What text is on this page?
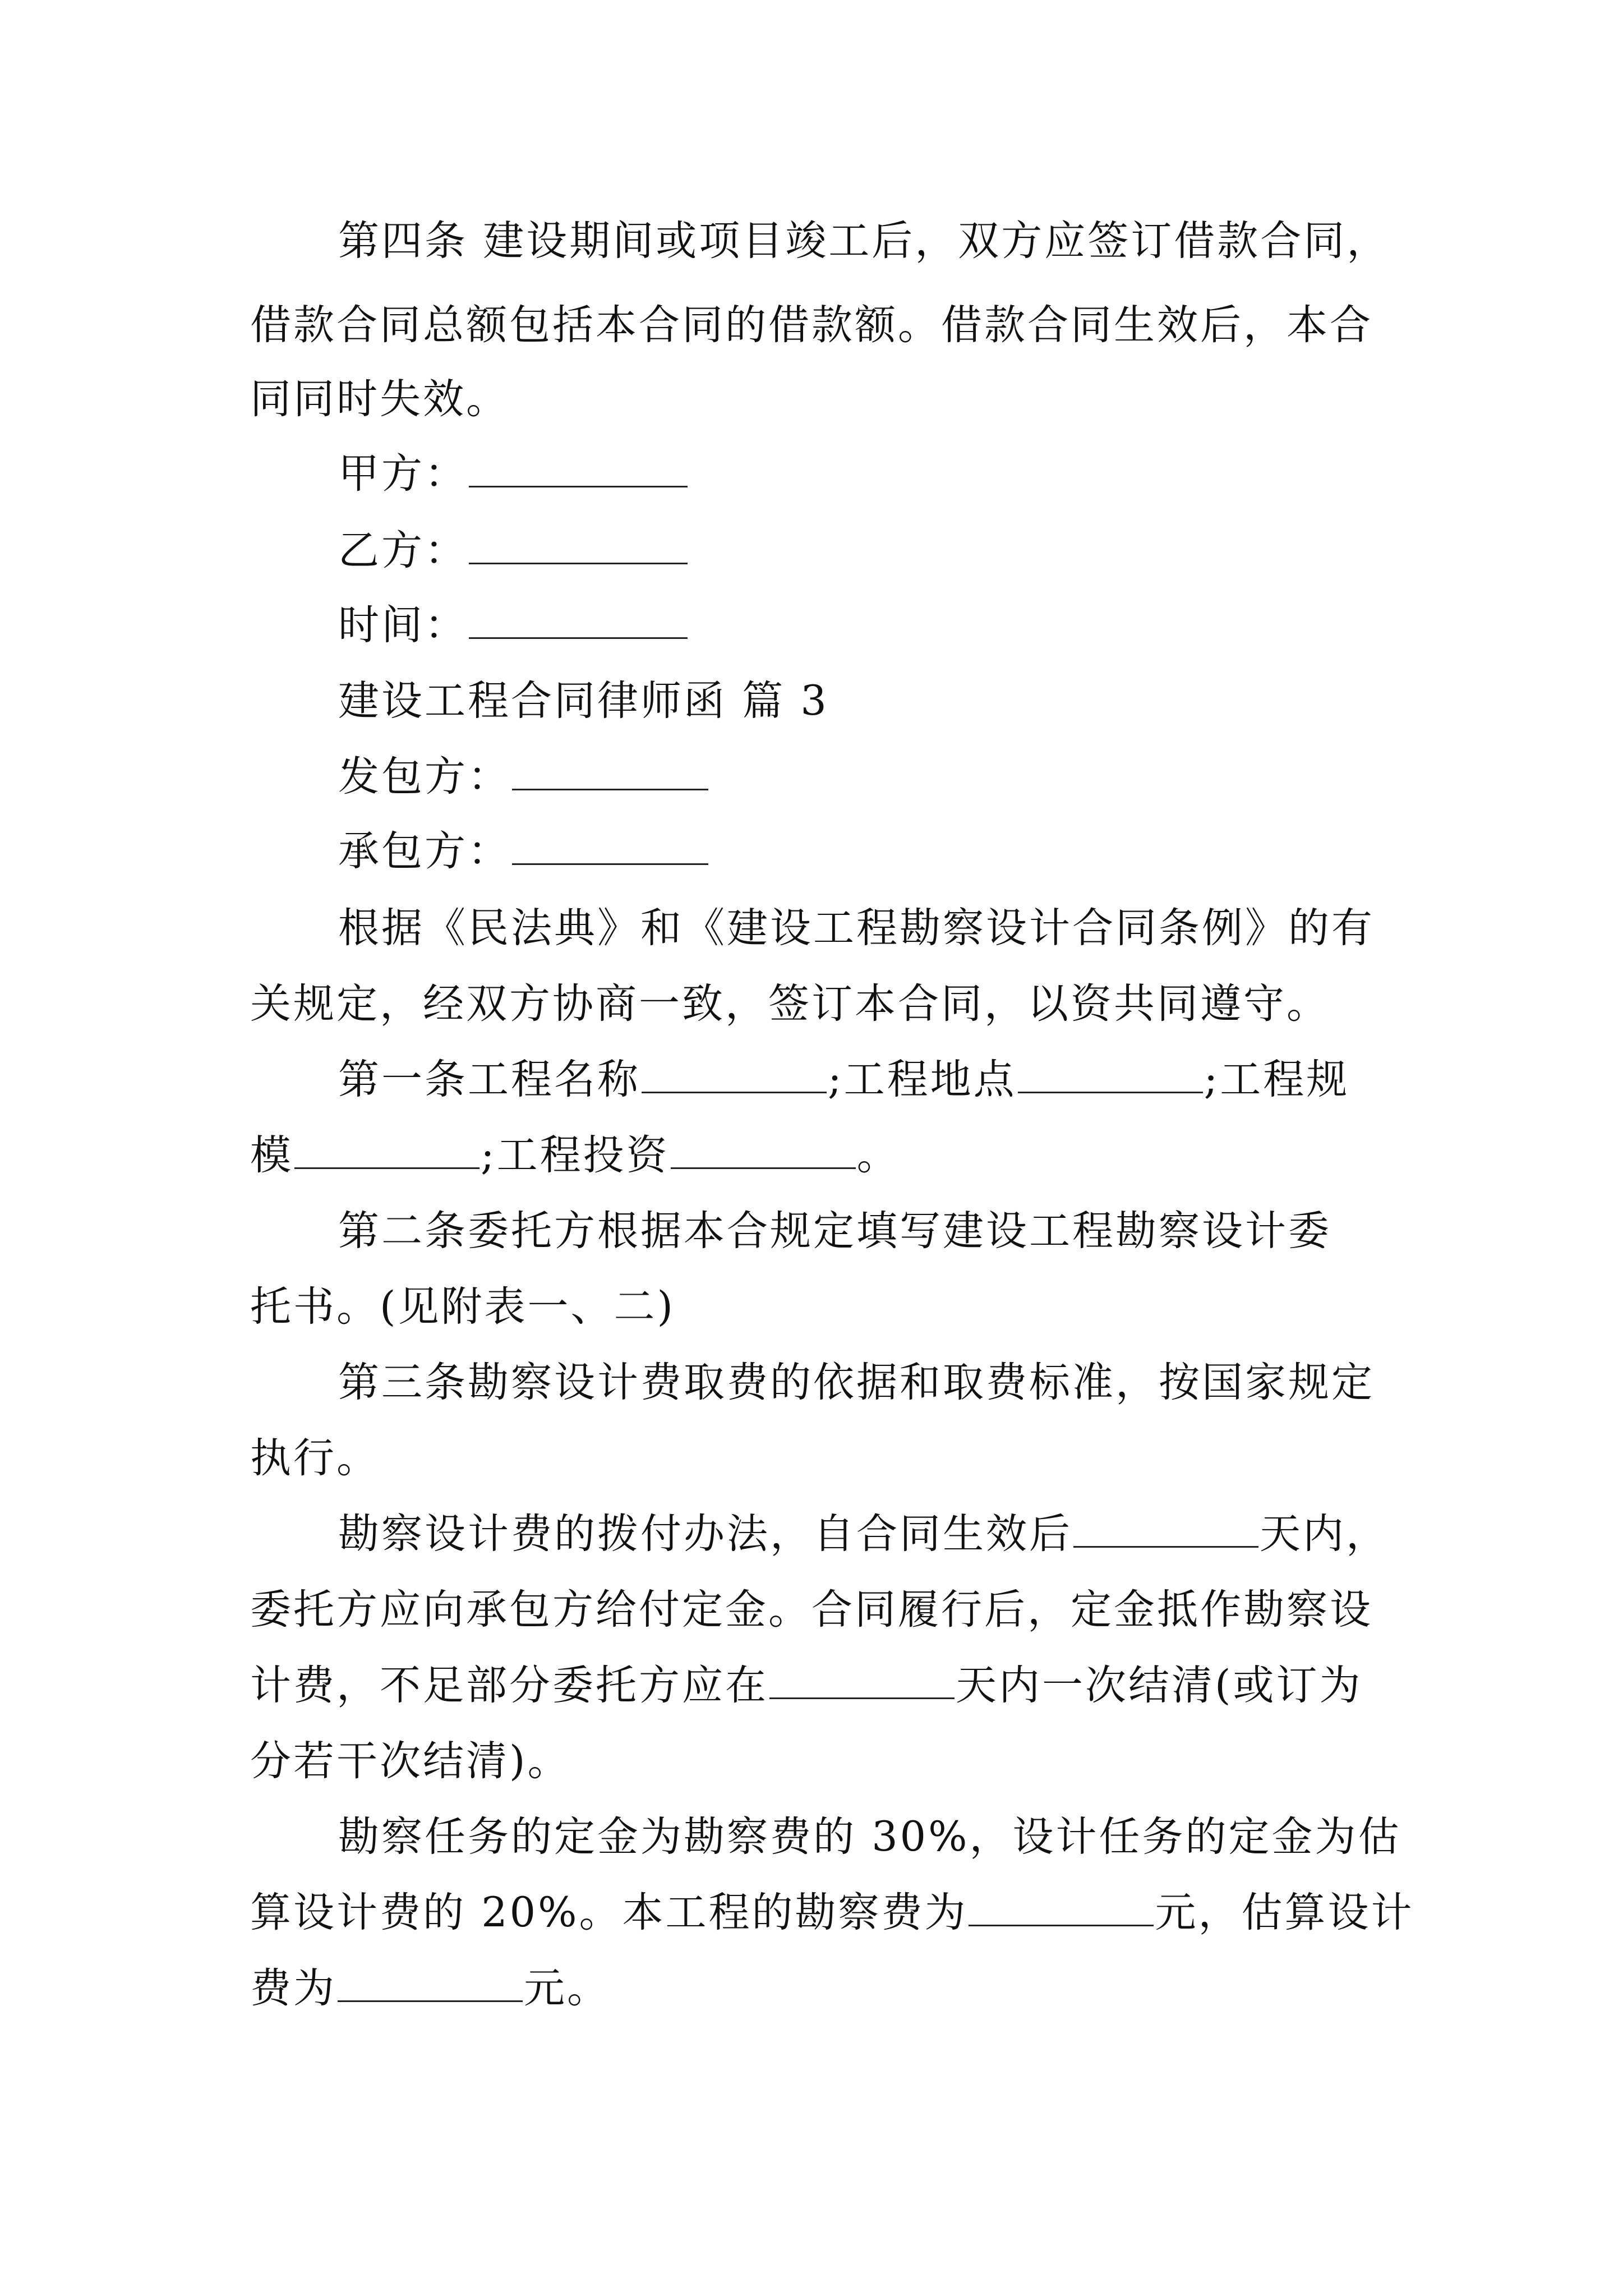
第四条 建设期间或项目竣工后，双方应签订借款合同，
借款合同总额包括本合同的借款额。借款合同生效后，本合
同同时失效。
甲方：
乙方：
时间：
建设工程合同律师函 篇 3
发包方：
承包方：
根据《民法典》和《建设工程勘察设计合同条例》的有
关规定，经双方协商一致，签订本合同，以资共同遵守。
第一条工程名称	;工程地点	;工程规
模	;工程投资	。
第二条委托方根据本合规定填写建设工程勘察设计委
托书。(见附表一、二)
第三条勘察设计费取费的依据和取费标准，按国家规定
执行。
勘察设计费的拨付办法，自合同生效后	天内，
委托方应向承包方给付定金。合同履行后，定金抵作勘察设
计费，不足部分委托方应在	天内一次结清(或订为
分若干次结清)。
勘察任务的定金为勘察费的 30%，设计任务的定金为估
算设计费的 20%。本工程的勘察费为	元，估算设计
费为	元。
